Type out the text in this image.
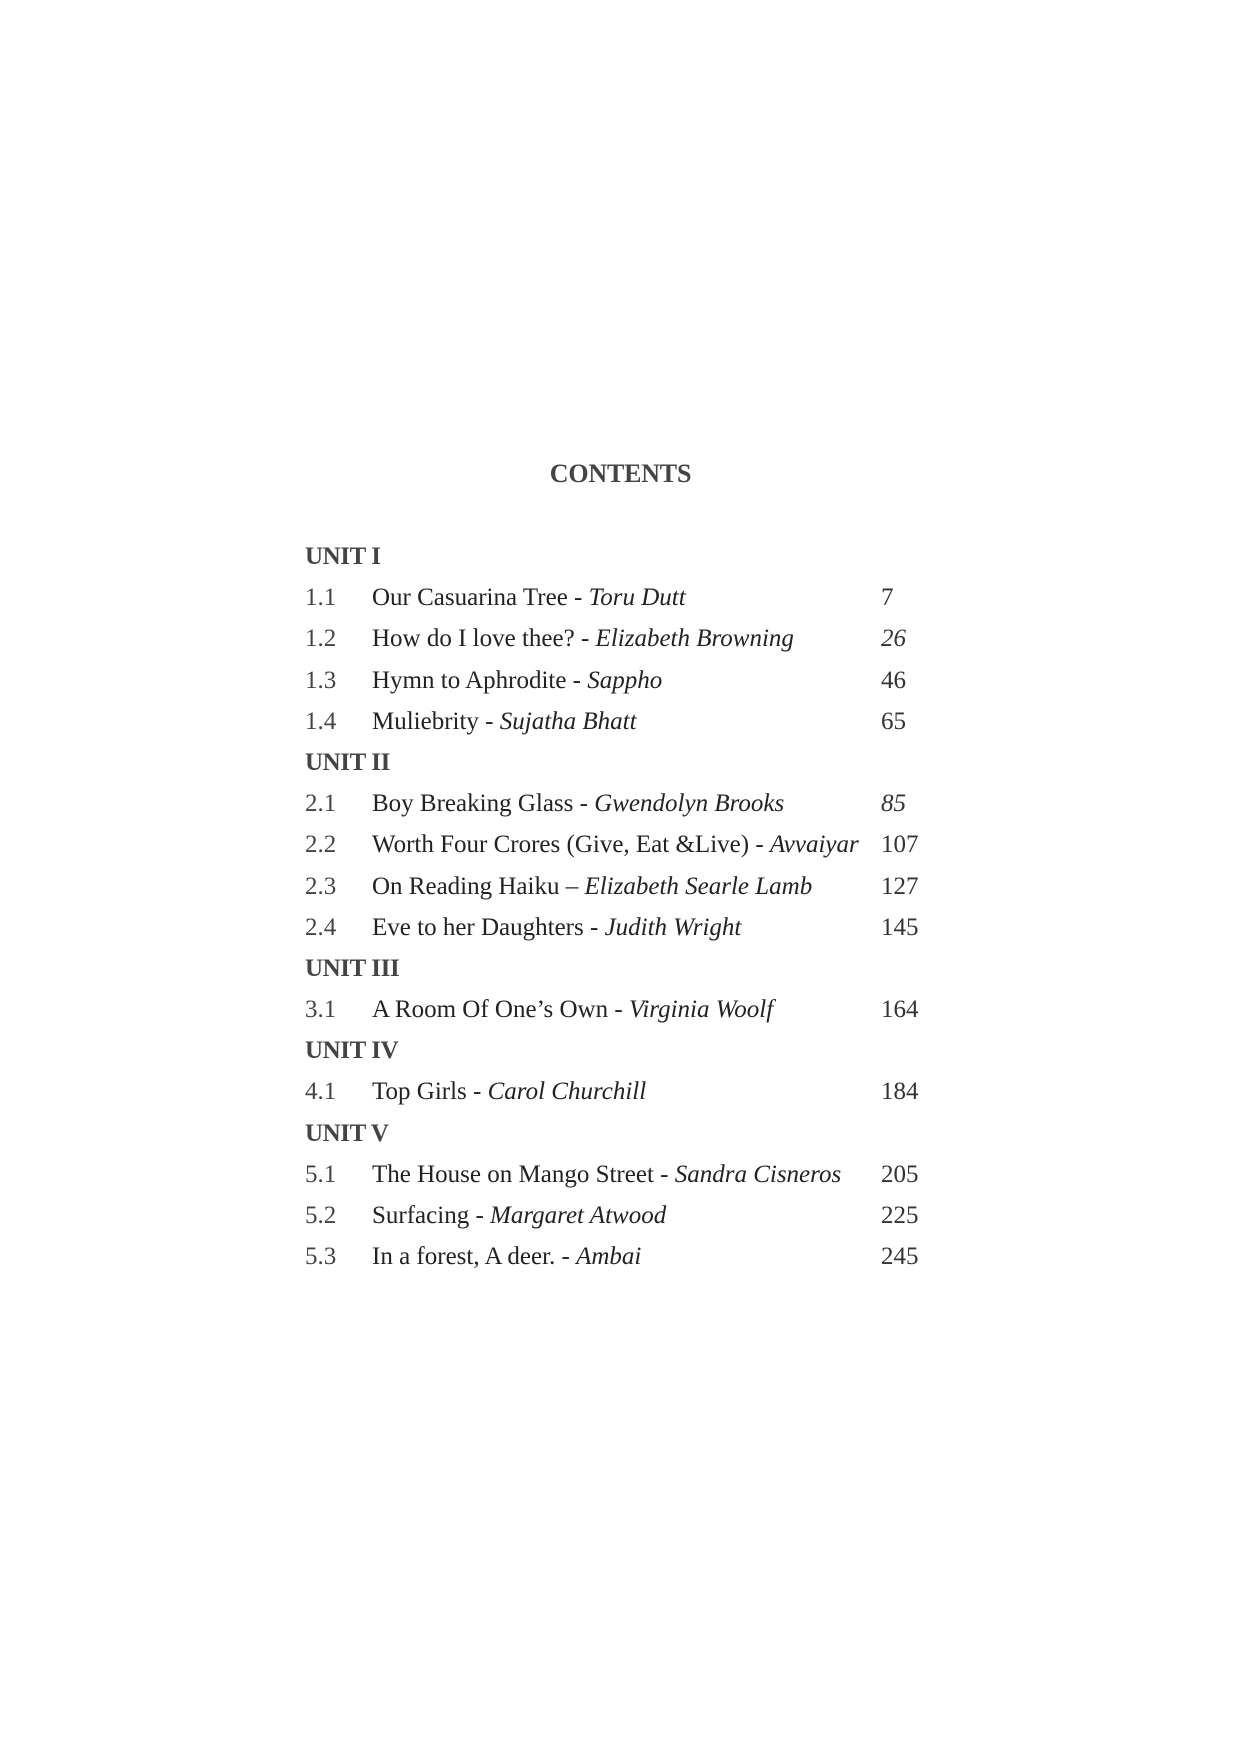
CONTENTS
UNIT I
1.1 Our Casuarina Tree - Toru Dutt	7
1.2 How do I love thee? - Elizabeth Browning	26
1.3 Hymn to Aphrodite - Sappho	46
1.4 Muliebrity - Sujatha Bhatt	65
UNIT II
2.1 Boy Breaking Glass - Gwendolyn Brooks	85
2.2 Worth Four Crores (Give, Eat &Live) - Avvaiyar 107
2.3 On Reading Haiku – Elizabeth Searle Lamb	127
2.4 Eve to her Daughters - Judith Wright	145
UNIT III
3.1 A Room Of One’s Own - Virginia Woolf	164
UNIT IV
4.1 Top Girls - Carol Churchill	184
UNIT V
5.1 The House on Mango Street - Sandra Cisneros 205
5.2 Surfacing - Margaret Atwood	225
5.3 In a forest, A deer. - Ambai	245
